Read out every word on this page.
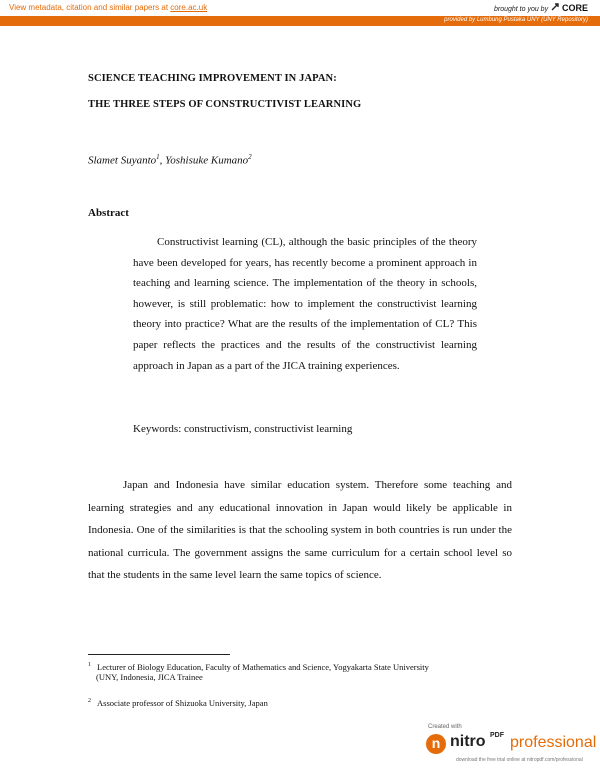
View metadata, citation and similar papers at core.ac.uk	brought to you by CORE
provided by Lumbung Pustaka UNY (UNY Repository)
SCIENCE TEACHING IMPROVEMENT IN JAPAN:
THE THREE STEPS OF CONSTRUCTIVIST LEARNING
Slamet Suyanto$^1$, Yoshisuke Kumano$^2$
Abstract

Constructivist learning (CL), although the basic principles of the theory have been developed for years, has recently become a prominent approach in teaching and learning science. The implementation of the theory in schools, however, is still problematic: how to implement the constructivist learning theory into practice? What are the results of the implementation of CL? This paper reflects the practices and the results of the constructivist learning approach in Japan as a part of the JICA training experiences.

Keywords: constructivism, constructivist learning

Japan and Indonesia have similar education system. Therefore some teaching and learning strategies and any educational innovation in Japan would likely be applicable in Indonesia. One of the similarities is that the schooling system in both countries is run under the national curricula. The government assigns the same curriculum for a certain school level so that the students in the same level learn the same topics of science.

$^1$ Lecturer of Biology Education, Faculty of Mathematics and Science, Yogyakarta State University
(UNY, Indonesia, JICA Trainee
$^2$ Associate professor of Shizuoka University, Japan
Created with
n nitro PDF professional
download the free trial online at nitropdf.com/professional
